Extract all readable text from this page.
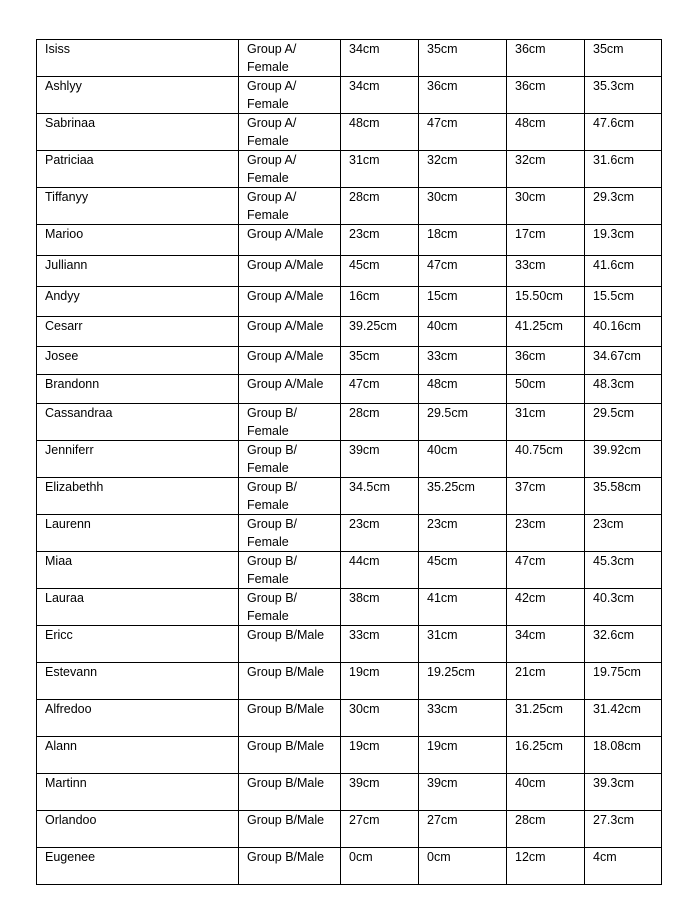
Isiss	Group A/ Female	34cm	35cm	36cm	35cm
Ashlyy	Group A/ Female	34cm	36cm	36cm	35.3cm
Sabrinaa	Group A/ Female	48cm	47cm	48cm	47.6cm
Patriciaa	Group A/ Female	31cm	32cm	32cm	31.6cm
Tiffanyy	Group A/ Female	28cm	30cm	30cm	29.3cm
Marioo	Group A/Male	23cm	18cm	17cm	19.3cm
Julliann	Group A/Male	45cm	47cm	33cm	41.6cm
Andyy	Group A/Male	16cm	15cm	15.50cm	15.5cm
Cesarr	Group A/Male	39.25cm	40cm	41.25cm	40.16cm
Josee	Group A/Male	35cm	33cm	36cm	34.67cm
Brandonn	Group A/Male	47cm	48cm	50cm	48.3cm
Cassandraa	Group B/ Female	28cm	29.5cm	31cm	29.5cm
Jenniferr	Group B/ Female	39cm	40cm	40.75cm	39.92cm
Elizabethh	Group B/ Female	34.5cm	35.25cm	37cm	35.58cm
Laurenn	Group B/ Female	23cm	23cm	23cm	23cm
Miaa	Group B/ Female	44cm	45cm	47cm	45.3cm
Lauraa	Group B/ Female	38cm	41cm	42cm	40.3cm
Ericc	Group B/Male	33cm	31cm	34cm	32.6cm
Estevann	Group B/Male	19cm	19.25cm	21cm	19.75cm
Alfredoo	Group B/Male	30cm	33cm	31.25cm	31.42cm
Alann	Group B/Male	19cm	19cm	16.25cm	18.08cm
Martinn	Group B/Male	39cm	39cm	40cm	39.3cm
Orlandoo	Group B/Male	27cm	27cm	28cm	27.3cm
Eugenee	Group B/Male	0cm	0cm	12cm	4cm
